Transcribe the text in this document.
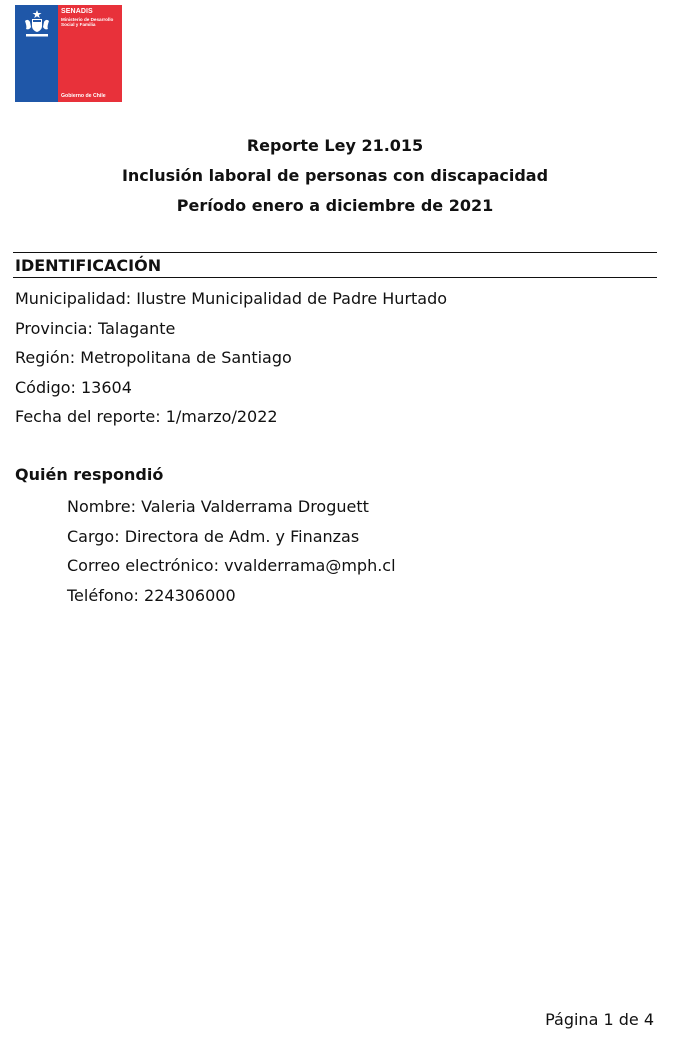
SENADIS
Ministerio de Desarrollo Social y Familia
Gobierno de Chile
Reporte Ley 21.015
Inclusión laboral de personas con discapacidad
Período enero a diciembre de 2021
IDENTIFICACIÓN
Municipalidad: Ilustre Municipalidad de Padre Hurtado
Provincia: Talagante
Región: Metropolitana de Santiago
Código: 13604
Fecha del reporte: 1/marzo/2022
Quién respondió
Nombre: Valeria Valderrama Droguett
Cargo: Directora de Adm. y Finanzas
Correo electrónico: vvalderrama@mph.cl
Teléfono: 224306000
Página 1 de 4
